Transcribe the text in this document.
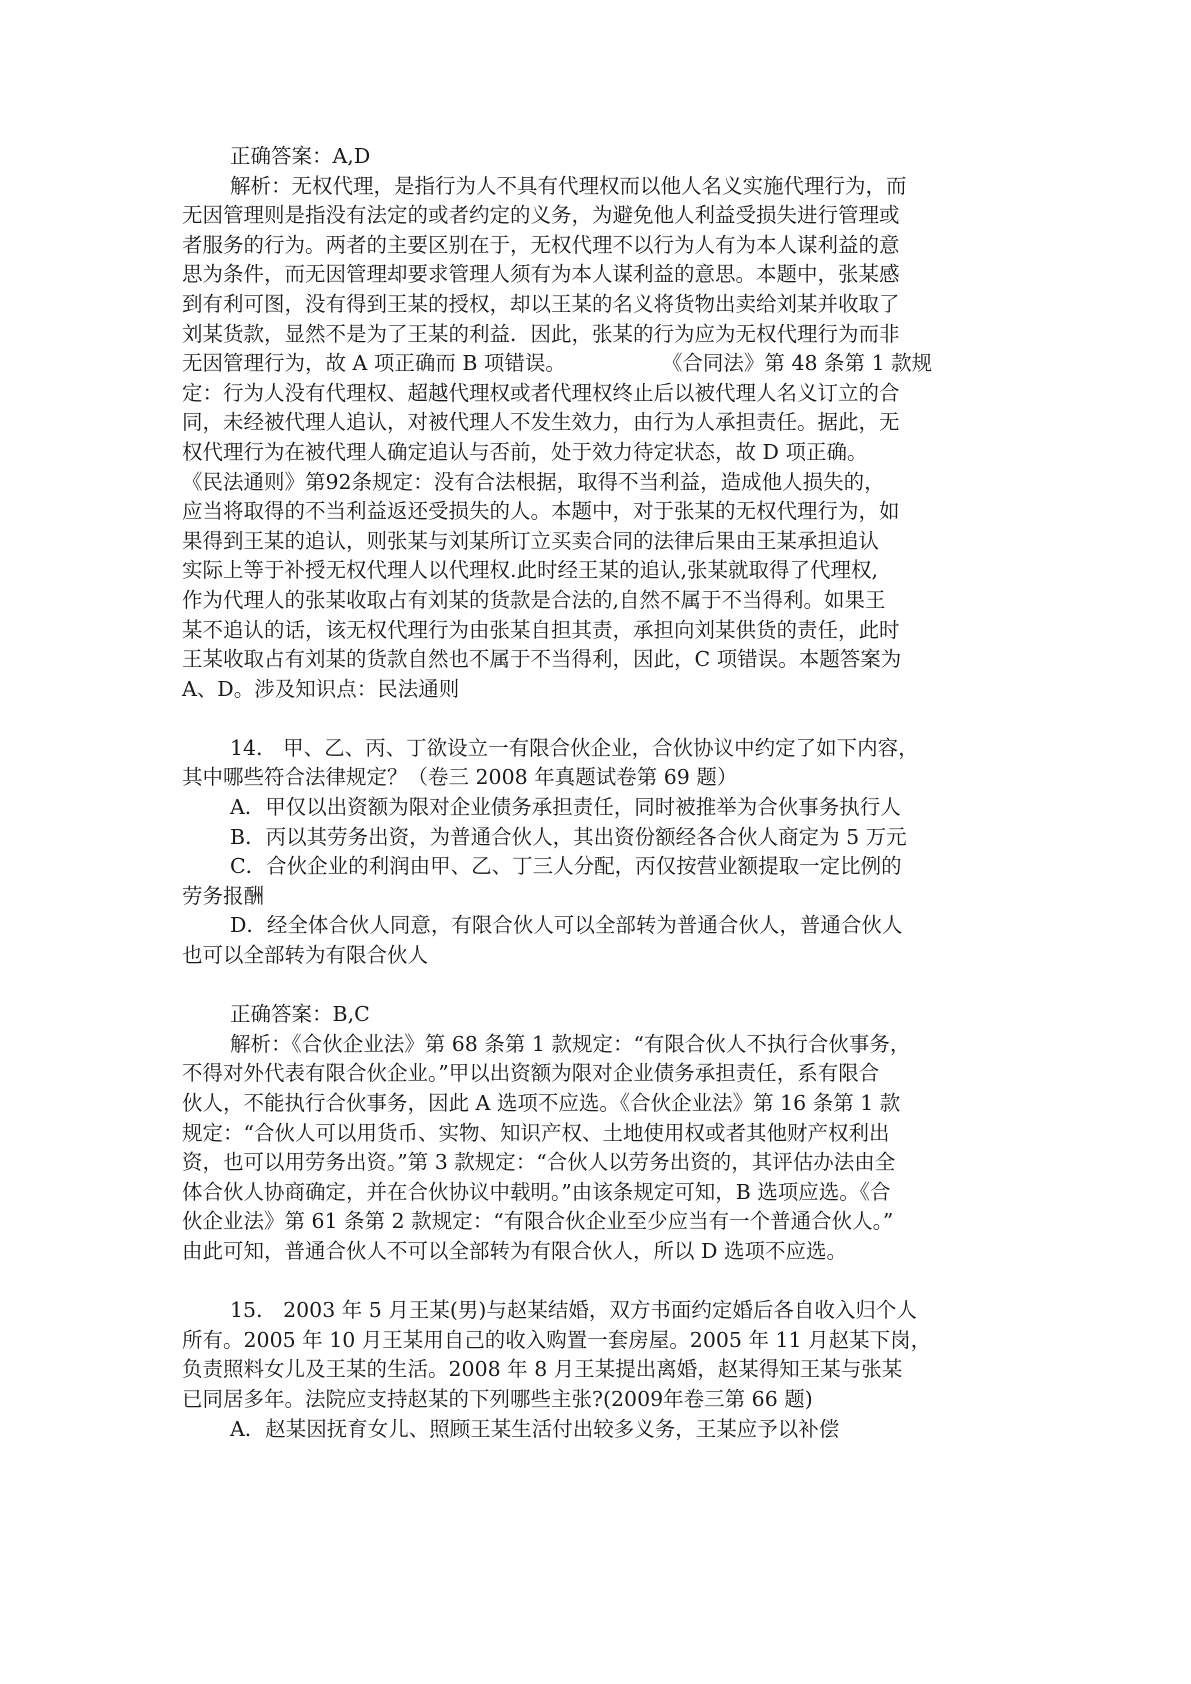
正确答案：A,D
解析：无权代理，是指行为人不具有代理权而以他人名义实施代理行为，而
无因管理则是指没有法定的或者约定的义务，为避免他人利益受损失进行管理或
者服务的行为。两者的主要区别在于，无权代理不以行为人有为本人谋利益的意
思为条件，而无因管理却要求管理人须有为本人谋利益的意思。本题中，张某感
到有利可图，没有得到王某的授权，却以王某的名义将货物出卖给刘某并收取了
刘某货款，显然不是为了王某的利益．因此，张某的行为应为无权代理行为而非
无因管理行为，故 A 项正确而 B 项错误。	《合同法》第 48 条第 1 款规
定：行为人没有代理权、超越代理权或者代理权终止后以被代理人名义订立的合
同，未经被代理人追认，对被代理人不发生效力，由行为人承担责任。据此，无
权代理行为在被代理人确定追认与否前，处于效力待定状态，故 D 项正确。
《民法通则》第92条规定：没有合法根据，取得不当利益，造成他人损失的，
应当将取得的不当利益返还受损失的人。本题中，对于张某的无权代理行为，如
果得到王某的追认，则张某与刘某所订立买卖合同的法律后果由王某承担追认
实际上等于补授无权代理人以代理权.此时经王某的追认,张某就取得了代理权,
作为代理人的张某收取占有刘某的货款是合法的,自然不属于不当得利。如果王
某不追认的话，该无权代理行为由张某自担其责，承担向刘某供货的责任，此时
王某收取占有刘某的货款自然也不属于不当得利，因此，C 项错误。本题答案为
A、D。涉及知识点：民法通则
14． 甲、乙、丙、丁欲设立一有限合伙企业，合伙协议中约定了如下内容，
其中哪些符合法律规定？（卷三 2008 年真题试卷第 69 题）
A．甲仅以出资额为限对企业债务承担责任，同时被推举为合伙事务执行人
B．丙以其劳务出资，为普通合伙人，其出资份额经各合伙人商定为 5 万元
C．合伙企业的利润由甲、乙、丁三人分配，丙仅按营业额提取一定比例的
劳务报酬
D．经全体合伙人同意，有限合伙人可以全部转为普通合伙人，普通合伙人
也可以全部转为有限合伙人
正确答案：B,C
解析：《合伙企业法》第 68 条第 1 款规定：“有限合伙人不执行合伙事务，
不得对外代表有限合伙企业。”甲以出资额为限对企业债务承担责任，系有限合
伙人，不能执行合伙事务，因此 A 选项不应选。《合伙企业法》第 16 条第 1 款
规定：“合伙人可以用货币、实物、知识产权、土地使用权或者其他财产权利出
资，也可以用劳务出资。”第 3 款规定：“合伙人以劳务出资的，其评估办法由全
体合伙人协商确定，并在合伙协议中载明。”由该条规定可知，B 选项应选。《合
伙企业法》第 61 条第 2 款规定：“有限合伙企业至少应当有一个普通合伙人。”
由此可知，普通合伙人不可以全部转为有限合伙人，所以 D 选项不应选。
15． 2003 年 5 月王某(男)与赵某结婚，双方书面约定婚后各自收入归个人
所有。2005 年 10 月王某用自己的收入购置一套房屋。2005 年 11 月赵某下岗，
负责照料女儿及王某的生活。2008 年 8 月王某提出离婚，赵某得知王某与张某
已同居多年。法院应支持赵某的下列哪些主张?(2009年卷三第 66 题)
A．赵某因抚育女儿、照顾王某生活付出较多义务，王某应予以补偿
